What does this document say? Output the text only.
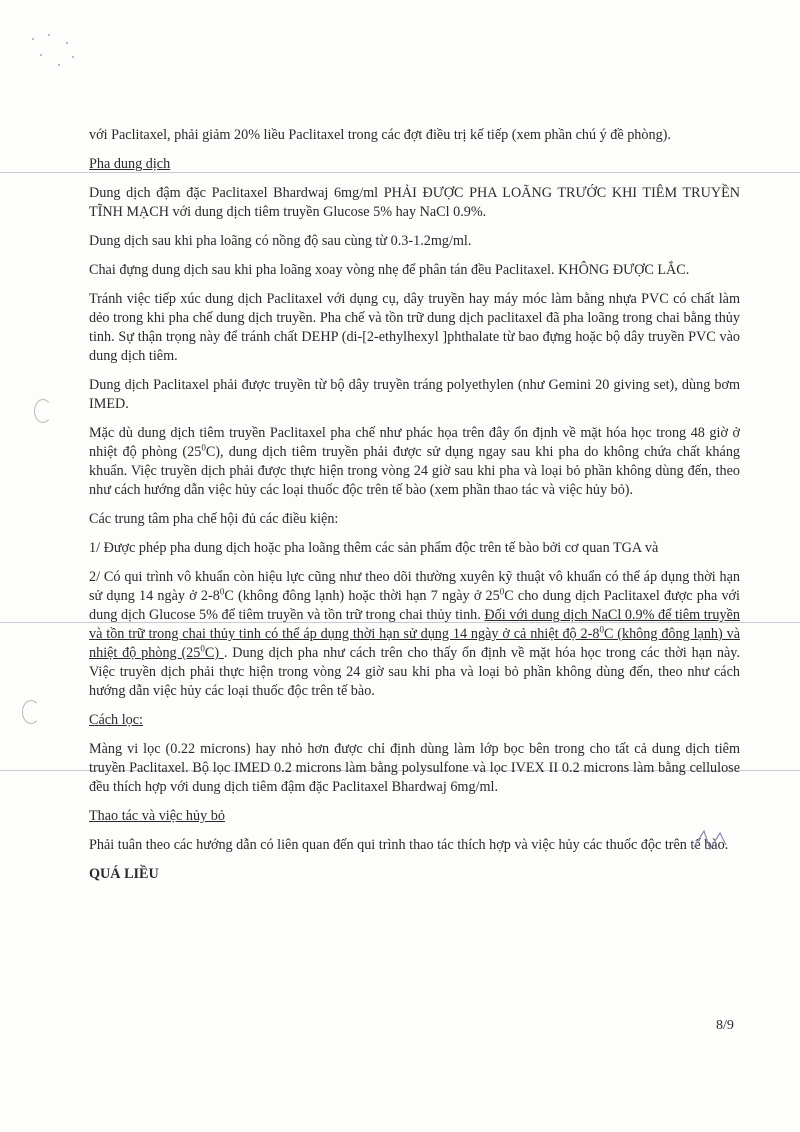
với Paclitaxel, phải giảm 20% liều Paclitaxel trong các đợt điều trị kế tiếp (xem phần chú ý đề phòng).

Pha dung dịch

Dung dịch đậm đặc Paclitaxel Bhardwaj 6mg/ml PHẢI ĐƯỢC PHA LOÃNG TRƯỚC KHI TIÊM TRUYỀN TĨNH MẠCH với dung dịch tiêm truyền Glucose 5% hay NaCl 0.9%.

Dung dịch sau khi pha loãng có nồng độ sau cùng từ 0.3-1.2mg/ml.

Chai đựng dung dịch sau khi pha loãng xoay vòng nhẹ để phân tán đều Paclitaxel. KHÔNG ĐƯỢC LẮC.

Tránh việc tiếp xúc dung dịch Paclitaxel với dụng cụ, dây truyền hay máy móc làm bằng nhựa PVC có chất làm dẻo trong khi pha chế dung dịch truyền. Pha chế và tồn trữ dung dịch paclitaxel đã pha loãng trong chai bằng thủy tinh. Sự thận trọng này để tránh chất DEHP (di-[2-ethylhexyl ]phthalate từ bao đựng hoặc bộ dây truyền PVC vào dung dịch tiêm.

Dung dịch Paclitaxel phải được truyền từ bộ dây truyền tráng polyethylen (như Gemini 20 giving set), dùng bơm IMED.

Mặc dù dung dịch tiêm truyền Paclitaxel pha chế như phác họa trên đây ổn định về mặt hóa học trong 48 giờ ở nhiệt độ phòng $(25^0C)$, dung dịch tiêm truyền phải được sử dụng ngay sau khi pha do không chứa chất kháng khuẩn. Việc truyền dịch phải được thực hiện trong vòng 24 giờ sau khi pha và loại bỏ phần không dùng đến, theo như cách hướng dẫn việc hủy các loại thuốc độc trên tế bào (xem phần thao tác và việc hủy bỏ).

Các trung tâm pha chế hội đủ các điều kiện:

1/ Được phép pha dung dịch hoặc pha loãng thêm các sản phẩm độc trên tế bào bởi cơ quan TGA và

2/ Có qui trình vô khuẩn còn hiệu lực cũng như theo dõi thường xuyên kỹ thuật vô khuẩn có thể áp dụng thời hạn sử dụng 14 ngày ở $2-8^0C$ (không đông lạnh) hoặc thời hạn 7 ngày ở $25^0C$ cho dung dịch Paclitaxel được pha với dung dịch Glucose 5% để tiêm truyền và tồn trữ trong chai thủy tinh. Đối với dung dịch NaCl 0.9% để tiêm truyền và tồn trữ trong chai thủy tinh có thể áp dụng thời hạn sử dụng 14 ngày ở cả nhiệt độ $2-8^0C$ (không đông lạnh) và nhiệt độ phòng $(25^0C)$ . Dung dịch pha như cách trên cho thấy ổn định về mặt hóa học trong các thời hạn này. Việc truyền dịch phải thực hiện trong vòng 24 giờ sau khi pha và loại bỏ phần không dùng đến, theo như cách hướng dẫn việc hủy các loại thuốc độc trên tế bào.

Cách lọc:

Màng vi lọc (0.22 microns) hay nhỏ hơn được chỉ định dùng làm lớp bọc bên trong cho tất cả dung dịch tiêm truyền Paclitaxel. Bộ lọc IMED 0.2 microns làm bằng polysulfone và lọc IVEX II 0.2 microns làm bằng cellulose đều thích hợp với dung dịch tiêm đậm đặc Paclitaxel Bhardwaj 6mg/ml.

Thao tác và việc hủy bỏ

Phải tuân theo các hướng dẫn có liên quan đến qui trình thao tác thích hợp và việc hủy các thuốc độc trên tế bào.

QUÁ LIỀU

8/9
